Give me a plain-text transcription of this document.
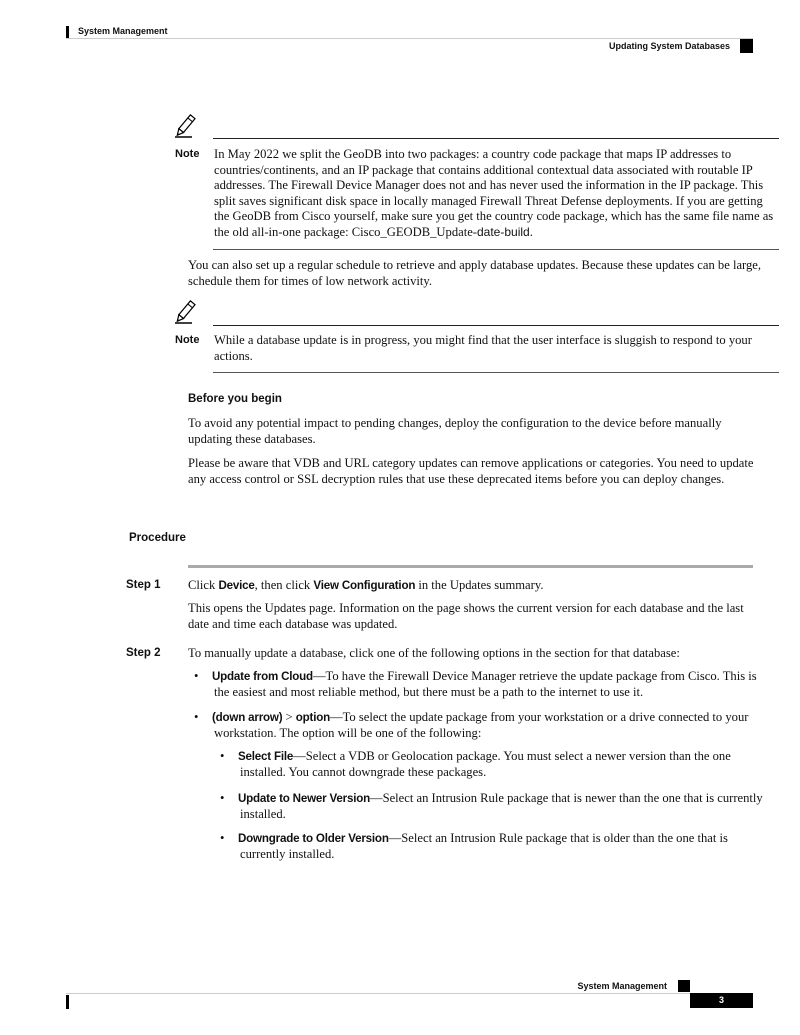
System Management
Updating System Databases
Note In May 2022 we split the GeoDB into two packages: a country code package that maps IP addresses to countries/continents, and an IP package that contains additional contextual data associated with routable IP addresses. The Firewall Device Manager does not and has never used the information in the IP package. This split saves significant disk space in locally managed Firewall Threat Defense deployments. If you are getting the GeoDB from Cisco yourself, make sure you get the country code package, which has the same file name as the old all-in-one package: Cisco_GEODB_Update-date-build.
You can also set up a regular schedule to retrieve and apply database updates. Because these updates can be large, schedule them for times of low network activity.
Note While a database update is in progress, you might find that the user interface is sluggish to respond to your actions.
Before you begin
To avoid any potential impact to pending changes, deploy the configuration to the device before manually updating these databases.
Please be aware that VDB and URL category updates can remove applications or categories. You need to update any access control or SSL decryption rules that use these deprecated items before you can deploy changes.
Procedure
Step 1 Click Device, then click View Configuration in the Updates summary.
This opens the Updates page. Information on the page shows the current version for each database and the last date and time each database was updated.
Step 2 To manually update a database, click one of the following options in the section for that database:
• Update from Cloud—To have the Firewall Device Manager retrieve the update package from Cisco. This is the easiest and most reliable method, but there must be a path to the internet to use it.
• (down arrow) > option—To select the update package from your workstation or a drive connected to your workstation. The option will be one of the following:
• Select File—Select a VDB or Geolocation package. You must select a newer version than the one installed. You cannot downgrade these packages.
• Update to Newer Version—Select an Intrusion Rule package that is newer than the one that is currently installed.
• Downgrade to Older Version—Select an Intrusion Rule package that is older than the one that is currently installed.
System Management
3
